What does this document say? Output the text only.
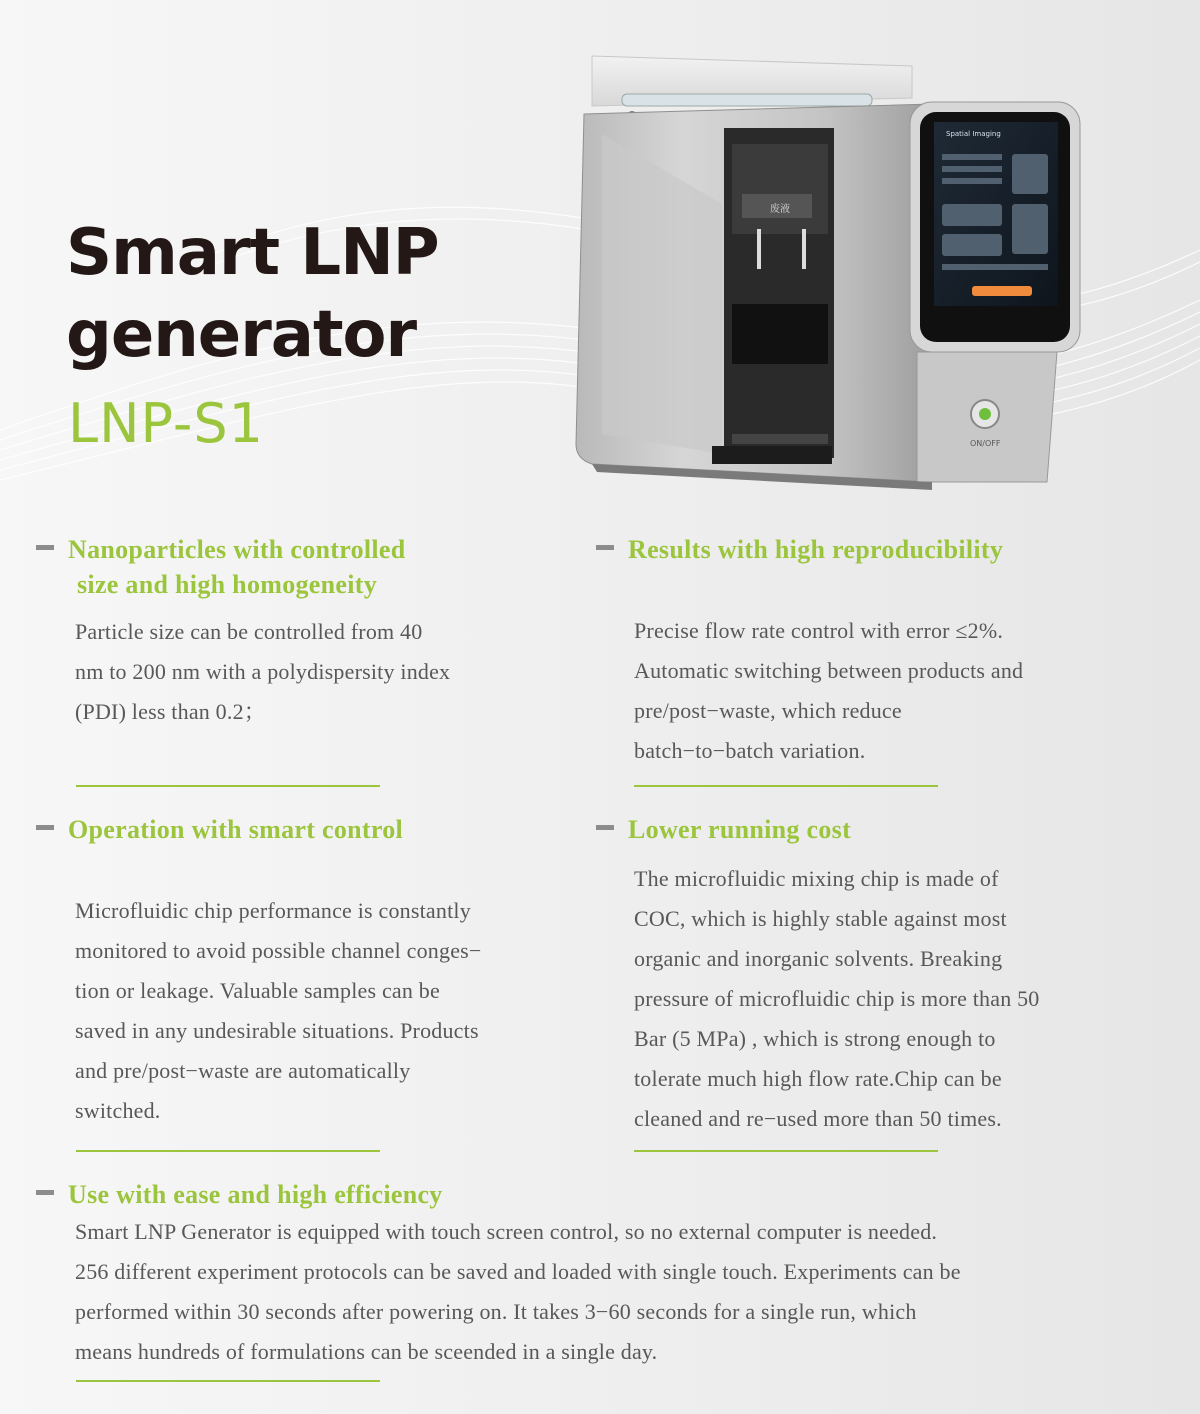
Smart LNP
generator
LNP-S1
废液
Spatial Imaging
ON/OFF
Nanoparticles with controlled
size and high homogeneity
Particle size can be controlled from 40
nm to 200 nm with a polydispersity index
(PDI) less than 0.2；
Results with high reproducibility
Precise flow rate control with error ≤2%.
Automatic switching between products and
pre/post−waste, which reduce
batch−to−batch variation.
Operation with smart control
Microfluidic chip performance is constantly
monitored to avoid possible channel conges−
tion or leakage. Valuable samples can be
saved in any undesirable situations. Products
and pre/post−waste are automatically
switched.
Lower running cost
The microfluidic mixing chip is made of
COC, which is highly stable against most
organic and inorganic solvents. Breaking
pressure of microfluidic chip is more than 50
Bar (5 MPa) , which is strong enough to
tolerate much high flow rate.Chip can be
cleaned and re−used more than 50 times.
Use with ease and high efficiency
Smart LNP Generator is equipped with touch screen control, so no external computer is needed.
256 different experiment protocols can be saved and loaded with single touch. Experiments can be
performed within 30 seconds after powering on. It takes 3−60 seconds for a single run, which
means hundreds of formulations can be sceended in a single day.
